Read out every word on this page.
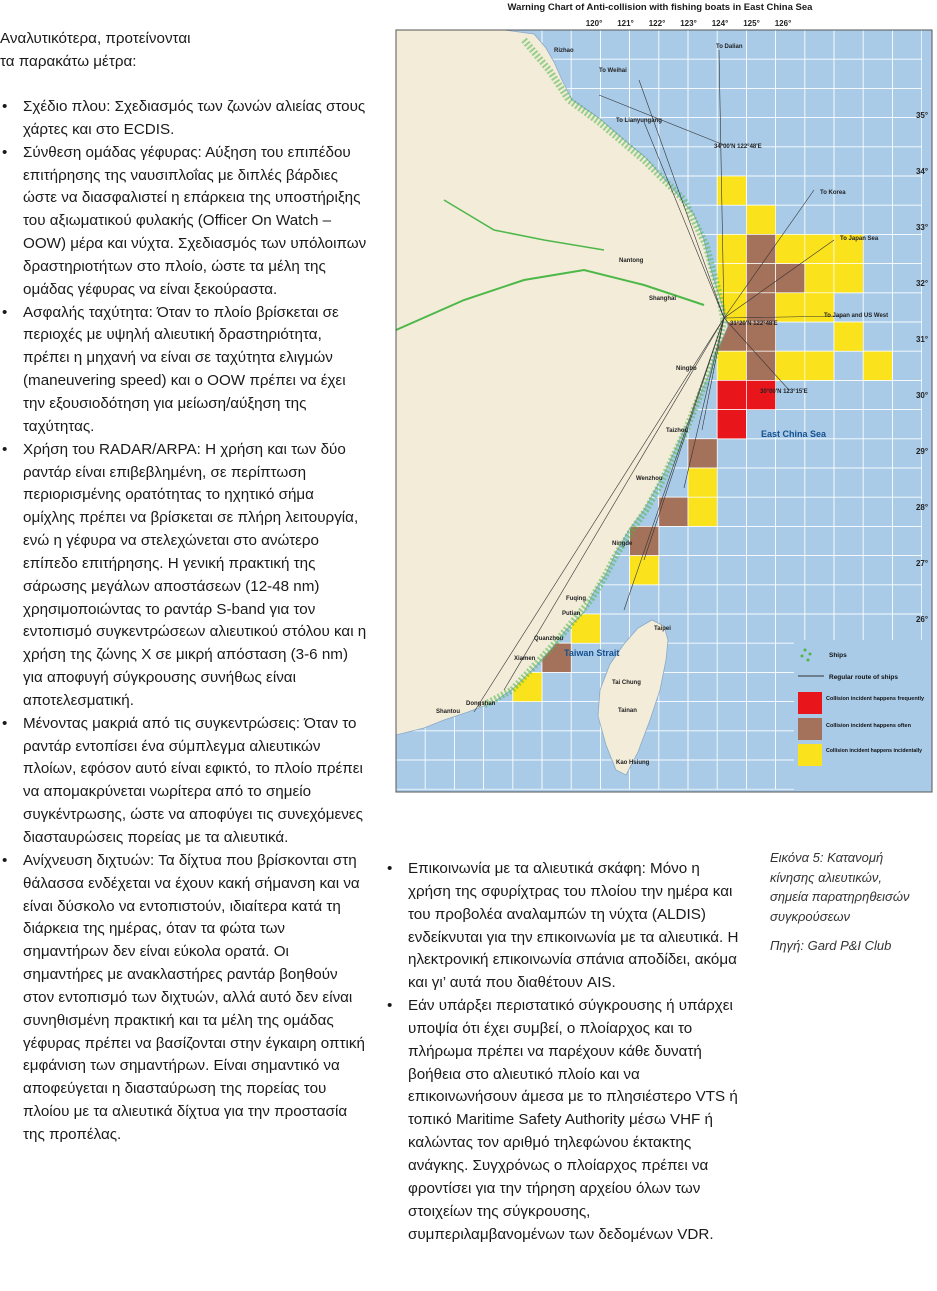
Αναλυτικότερα, προτείνονται
τα παρακάτω μέτρα:
• Σχέδιο πλου: Σχεδιασμός των ζωνών αλιείας στους χάρτες και στο ECDIS.
• Σύνθεση ομάδας γέφυρας: Αύξηση του επιπέδου επιτήρησης της ναυσιπλοΐας με διπλές βάρδιες ώστε να διασφαλιστεί η επάρκεια της υποστήριξης του αξιωματικού φυλακής (Officer On Watch – OOW) μέρα και νύχτα. Σχεδιασμός των υπόλοιπων δραστηριοτήτων στο πλοίο, ώστε τα μέλη της ομάδας γέφυρας να είναι ξεκούραστα.
• Ασφαλής ταχύτητα: Όταν το πλοίο βρίσκεται σε περιοχές με υψηλή αλιευτική δραστηριότητα, πρέπει η μηχανή να είναι σε ταχύτητα ελιγμών (maneuvering speed) και ο OOW πρέπει να έχει την εξουσιοδότηση για μείωση/αύξηση της ταχύτητας.
• Χρήση του RADAR/ARPA: Η χρήση και των δύο ραντάρ είναι επιβεβλημένη, σε περίπτωση περιορισμένης ορατότητας το ηχητικό σήμα ομίχλης πρέπει να βρίσκεται σε πλήρη λειτουργία, ενώ η γέφυρα να στελεχώνεται στο ανώτερο επίπεδο επιτήρησης. Η γενική πρακτική της σάρωσης μεγάλων αποστάσεων (12-48 nm) χρησιμοποιώντας το ραντάρ S-band για τον εντοπισμό συγκεντρώσεων αλιευτικού στόλου και η χρήση της ζώνης X σε μικρή απόσταση (3-6 nm) για αποφυγή σύγκρουσης συνήθως είναι αποτελεσματική.
• Μένοντας μακριά από τις συγκεντρώσεις: Όταν το ραντάρ εντοπίσει ένα σύμπλεγμα αλιευτικών πλοίων, εφόσον αυτό είναι εφικτό, το πλοίο πρέπει να απομακρύνεται νωρίτερα από το σημείο συγκέντρωσης, ώστε να αποφύγει τις συνεχόμενες διασταυρώσεις πορείας με τα αλιευτικά.
• Ανίχνευση διχτυών: Τα δίχτυα που βρίσκονται στη θάλασσα ενδέχεται να έχουν κακή σήμανση και να είναι δύσκολο να εντοπιστούν, ιδιαίτερα κατά τη διάρκεια της ημέρας, όταν τα φώτα των σημαντήρων δεν είναι εύκολα ορατά. Οι σημαντήρες με ανακλαστήρες ραντάρ βοηθούν στον εντοπισμό των διχτυών, αλλά αυτό δεν είναι συνηθισμένη πρακτική και τα μέλη της ομάδας γέφυρας πρέπει να βασίζονται στην έγκαιρη οπτική εμφάνιση των σημαντήρων. Είναι σημαντικό να αποφεύγεται η διασταύρωση της πορείας του πλοίου με τα αλιευτικά δίχτυα για την προστασία της προπέλας.
• Επικοινωνία με τα αλιευτικά σκάφη: Μόνο η χρήση της σφυρίχτρας του πλοίου την ημέρα και του προβολέα αναλαμπών τη νύχτα (ALDIS) ενδείκνυται για την επικοινωνία με τα αλιευτικά. Η ηλεκτρονική επικοινωνία σπάνια αποδίδει, ακόμα και γι’ αυτά που διαθέτουν AIS.
• Εάν υπάρξει περιστατικό σύγκρουσης ή υπάρχει υποψία ότι έχει συμβεί, ο πλοίαρχος και το πλήρωμα πρέπει να παρέχουν κάθε δυνατή βοήθεια στο αλιευτικό πλοίο και να επικοινωνήσουν άμεσα με το πλησιέστερο VTS ή τοπικό Maritime Safety Authority μέσω VHF ή καλώντας τον αριθμό τηλεφώνου έκτακτης ανάγκης. Συγχρόνως ο πλοίαρχος πρέπει να φροντίσει για την τήρηση αρχείου όλων των στοιχείων της σύγκρουσης, συμπεριλαμβανομένων των δεδομένων VDR.
Εικόνα 5: Κατανομή
κίνησης αλιευτικών,
σημεία παρατηρηθεισών
συγκρούσεων
Πηγή: Gard P&I Club
Warning Chart of Anti-collision with fishing boats in East China Sea
120° 121° 122° 123° 124° 125° 126°
35°
34°
33°
32°
31°
30°
29°
28°
27°
26°
To Dalian
To Korea
To Japan Sea
To Japan and US West
To Weihai
To Lianyungang
34°00'N 122°48'E
31°20'N 122°48'E
30°00'N 123°15'E
East China Sea
Taiwan Strait
Rizhao
Nantong
Shanghai
Ningbo
Taizhou
Wenzhou
Ningde
Fuqing
Putian
Quanzhou
Xiamen
Dongshan
Shantou
Taipei
Tai Chung
Tainan
Kao Hsiung
Ships
Regular route of ships
Collision incident happens frequently
Collision incident happens often
Collision incident happens incidentally
